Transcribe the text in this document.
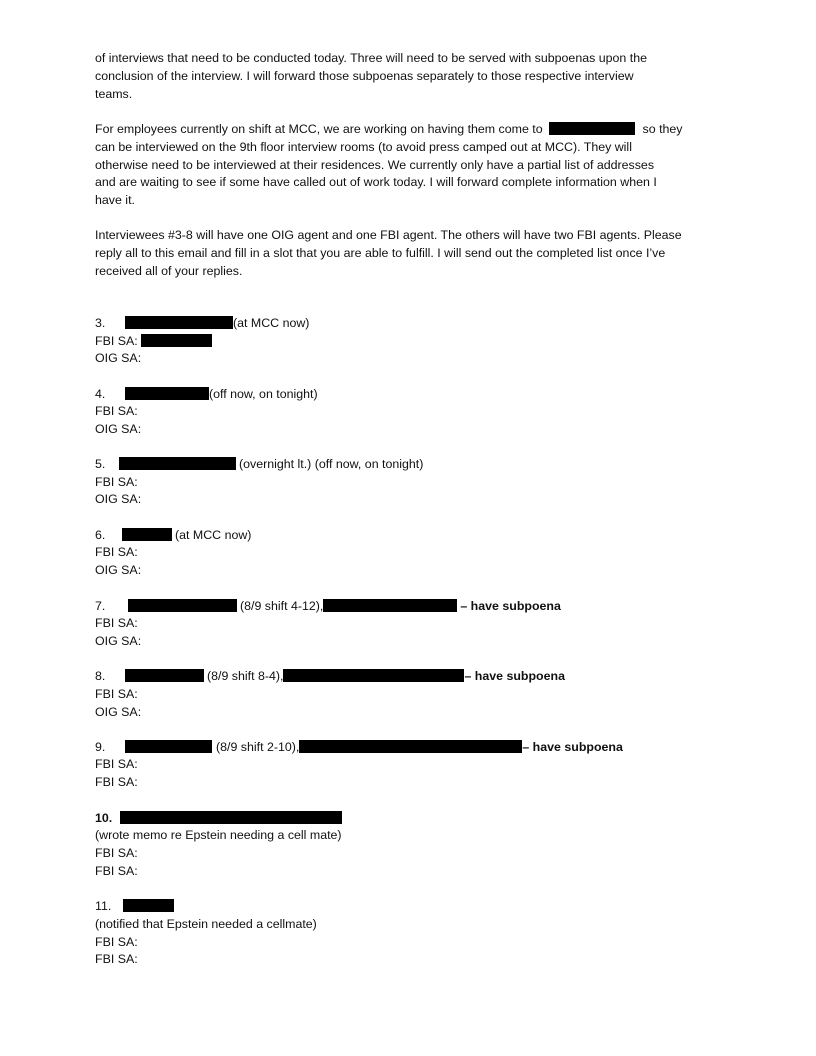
of interviews that need to be conducted today. Three will need to be served with subpoenas upon the
conclusion of the interview. I will forward those subpoenas separately to those respective interview
teams.
For employees currently on shift at MCC, we are working on having them come to	so they
can be interviewed on the 9th floor interview rooms (to avoid press camped out at MCC). They will
otherwise need to be interviewed at their residences. We currently only have a partial list of addresses
and are waiting to see if some have called out of work today. I will forward complete information when I
have it.
Interviewees #3-8 will have one OIG agent and one FBI agent. The others will have two FBI agents. Please
reply all to this email and fill in a slot that you are able to fulfill. I will send out the completed list once I’ve
received all of your replies.
3.	(at MCC now)
FBI SA:
OIG SA:
4.	(off now, on tonight)
FBI SA:
OIG SA:
5.	(overnight lt.) (off now, on tonight)
FBI SA:
OIG SA:
6.	(at MCC now)
FBI SA:
OIG SA:
7.	(8/9 shift 4-12),	– have subpoena
FBI SA:
OIG SA:
8.	(8/9 shift 8-4),	– have subpoena
FBI SA:
OIG SA:
9.	(8/9 shift 2-10),	– have subpoena
FBI SA:
FBI SA:
10.
(wrote memo re Epstein needing a cell mate)
FBI SA:
FBI SA:
11.
(notified that Epstein needed a cellmate)
FBI SA:
FBI SA:
